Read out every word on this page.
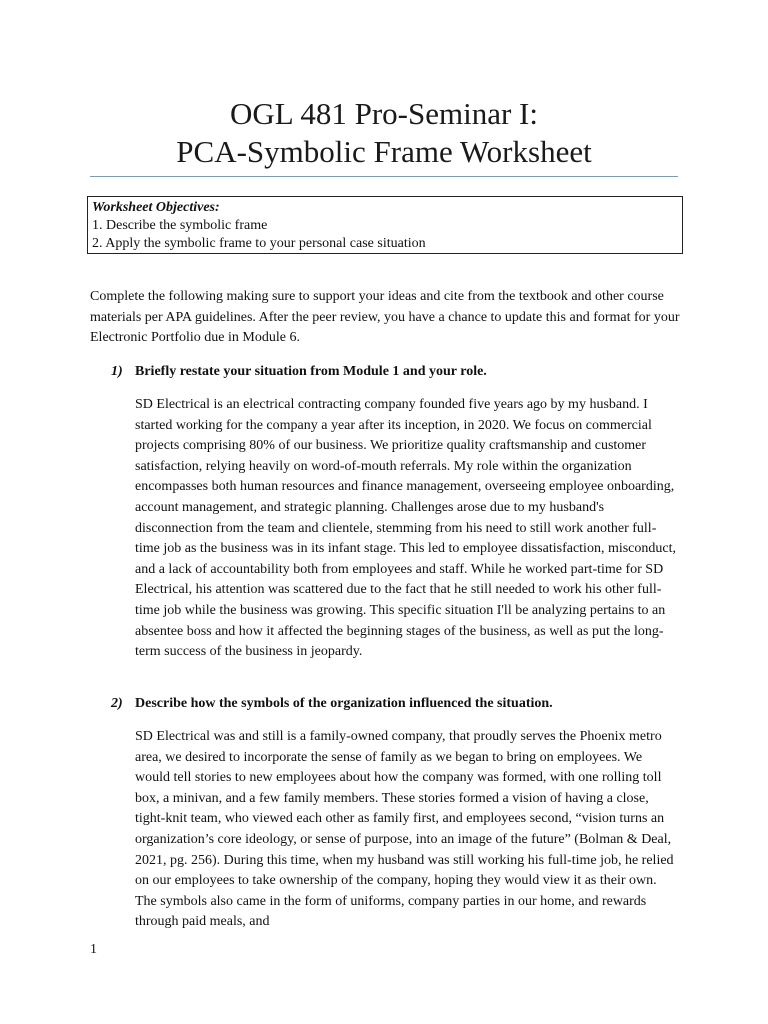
OGL 481 Pro-Seminar I:
PCA-Symbolic Frame Worksheet
Worksheet Objectives:
1. Describe the symbolic frame
2. Apply the symbolic frame to your personal case situation
Complete the following making sure to support your ideas and cite from the textbook and other course materials per APA guidelines. After the peer review, you have a chance to update this and format for your Electronic Portfolio due in Module 6.
1) Briefly restate your situation from Module 1 and your role.
SD Electrical is an electrical contracting company founded five years ago by my husband. I started working for the company a year after its inception, in 2020. We focus on commercial projects comprising 80% of our business. We prioritize quality craftsmanship and customer satisfaction, relying heavily on word-of-mouth referrals. My role within the organization encompasses both human resources and finance management, overseeing employee onboarding, account management, and strategic planning. Challenges arose due to my husband's disconnection from the team and clientele, stemming from his need to still work another full-time job as the business was in its infant stage. This led to employee dissatisfaction, misconduct, and a lack of accountability both from employees and staff. While he worked part-time for SD Electrical, his attention was scattered due to the fact that he still needed to work his other full-time job while the business was growing. This specific situation I'll be analyzing pertains to an absentee boss and how it affected the beginning stages of the business, as well as put the long-term success of the business in jeopardy.
2) Describe how the symbols of the organization influenced the situation.
SD Electrical was and still is a family-owned company, that proudly serves the Phoenix metro area, we desired to incorporate the sense of family as we began to bring on employees. We would tell stories to new employees about how the company was formed, with one rolling toll box, a minivan, and a few family members. These stories formed a vision of having a close, tight-knit team, who viewed each other as family first, and employees second, “vision turns an organization’s core ideology, or sense of purpose, into an image of the future” (Bolman & Deal, 2021, pg. 256). During this time, when my husband was still working his full-time job, he relied on our employees to take ownership of the company, hoping they would view it as their own. The symbols also came in the form of uniforms, company parties in our home, and rewards through paid meals, and
1
